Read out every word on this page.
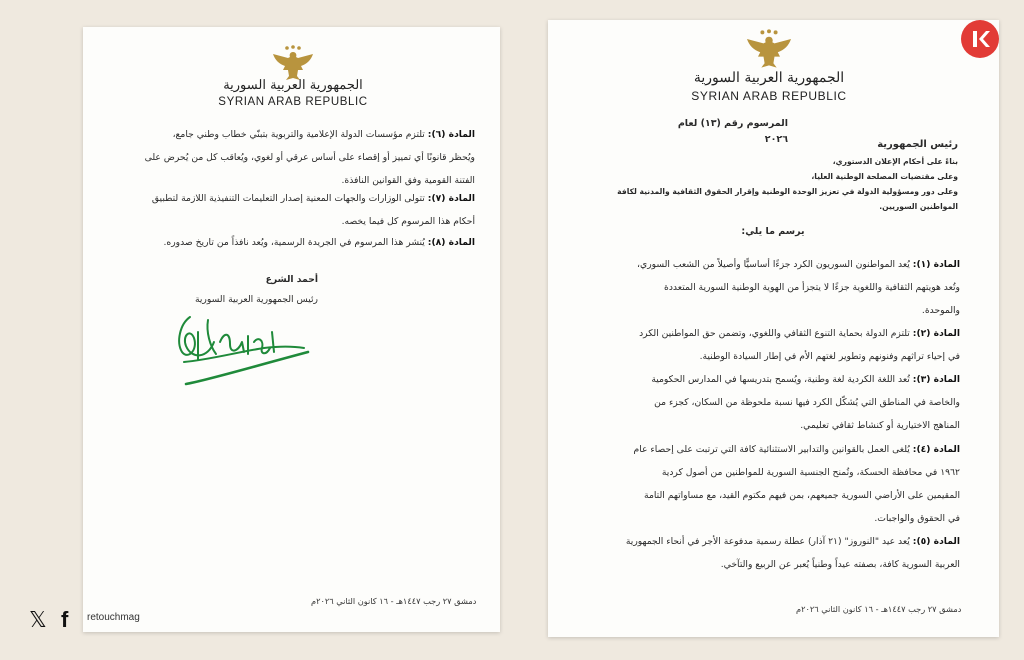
الجمهورية العربية السورية
SYRIAN ARAB REPUBLIC
المادة (٦): تلتزم مؤسسات الدولة الإعلامية والتربوية بتبنّي خطاب وطني جامع،
ويُحظر قانونًا أي تمييز أو إقصاء على أساس عرقي أو لغوي، ويُعاقب كل من يُحرض على
الفتنة القومية وفق القوانين النافذة.
المادة (٧): تتولى الوزارات والجهات المعنية إصدار التعليمات التنفيذية اللازمة لتطبيق
أحكام هذا المرسوم كل فيما يخصه.
المادة (٨): يُنشر هذا المرسوم في الجريدة الرسمية، ويُعد نافذاً من تاريخ صدوره.
أحمد الشرع
رئيس الجمهورية العربية السورية
دمشق ٢٧ رجب ١٤٤٧هـ - ١٦ كانون الثاني ٢٠٢٦م
الجمهورية العربية السورية
SYRIAN ARAB REPUBLIC
المرسوم رقم (١٣) لعام ٢٠٢٦	رئيس الجمهورية
بناءً على أحكام الإعلان الدستوري،
وعلى مقتضيات المصلحة الوطنية العليا،
وعلى دور ومسؤولية الدولة في تعزيز الوحدة الوطنية وإقرار الحقوق الثقافية والمدنية لكافة
المواطنين السوريين.
يرسم ما يلي:
المادة (١): يُعد المواطنون السوريون الكرد جزءًا أساسيًّا وأصيلاً من الشعب السوري،
وتُعد هويتهم الثقافية واللغوية جزءًا لا يتجزأ من الهوية الوطنية السورية المتعددة
والموحدة.
المادة (٢): تلتزم الدولة بحماية التنوع الثقافي واللغوي، وتضمن حق المواطنين الكرد
في إحياء تراثهم وفنونهم وتطوير لغتهم الأم في إطار السيادة الوطنية.
المادة (٣): تُعد اللغة الكردية لغة وطنية، ويُسمح بتدريسها في المدارس الحكومية
والخاصة في المناطق التي يُشكّل الكرد فيها نسبة ملحوظة من السكان، كجزء من
المناهج الاختيارية أو كنشاط ثقافي تعليمي.
المادة (٤): يُلغى العمل بالقوانين والتدابير الاستثنائية كافة التي ترتبت على إحصاء عام
١٩٦٢ في محافظة الحسكة، وتُمنح الجنسية السورية للمواطنين من أصول كردية
المقيمين على الأراضي السورية جميعهم، بمن فيهم مكتوم القيد، مع مساواتهم التامة
في الحقوق والواجبات.
المادة (٥): يُعد عيد "النوروز" (٢١ آذار) عطلة رسمية مدفوعة الأجر في أنحاء الجمهورية
العربية السورية كافة، بصفته عيداً وطنياً يُعبر عن الربيع والتآخي.
دمشق ٢٧ رجب ١٤٤٧هـ - ١٦ كانون الثاني ٢٠٢٦م
𝕏 f retouchmag
